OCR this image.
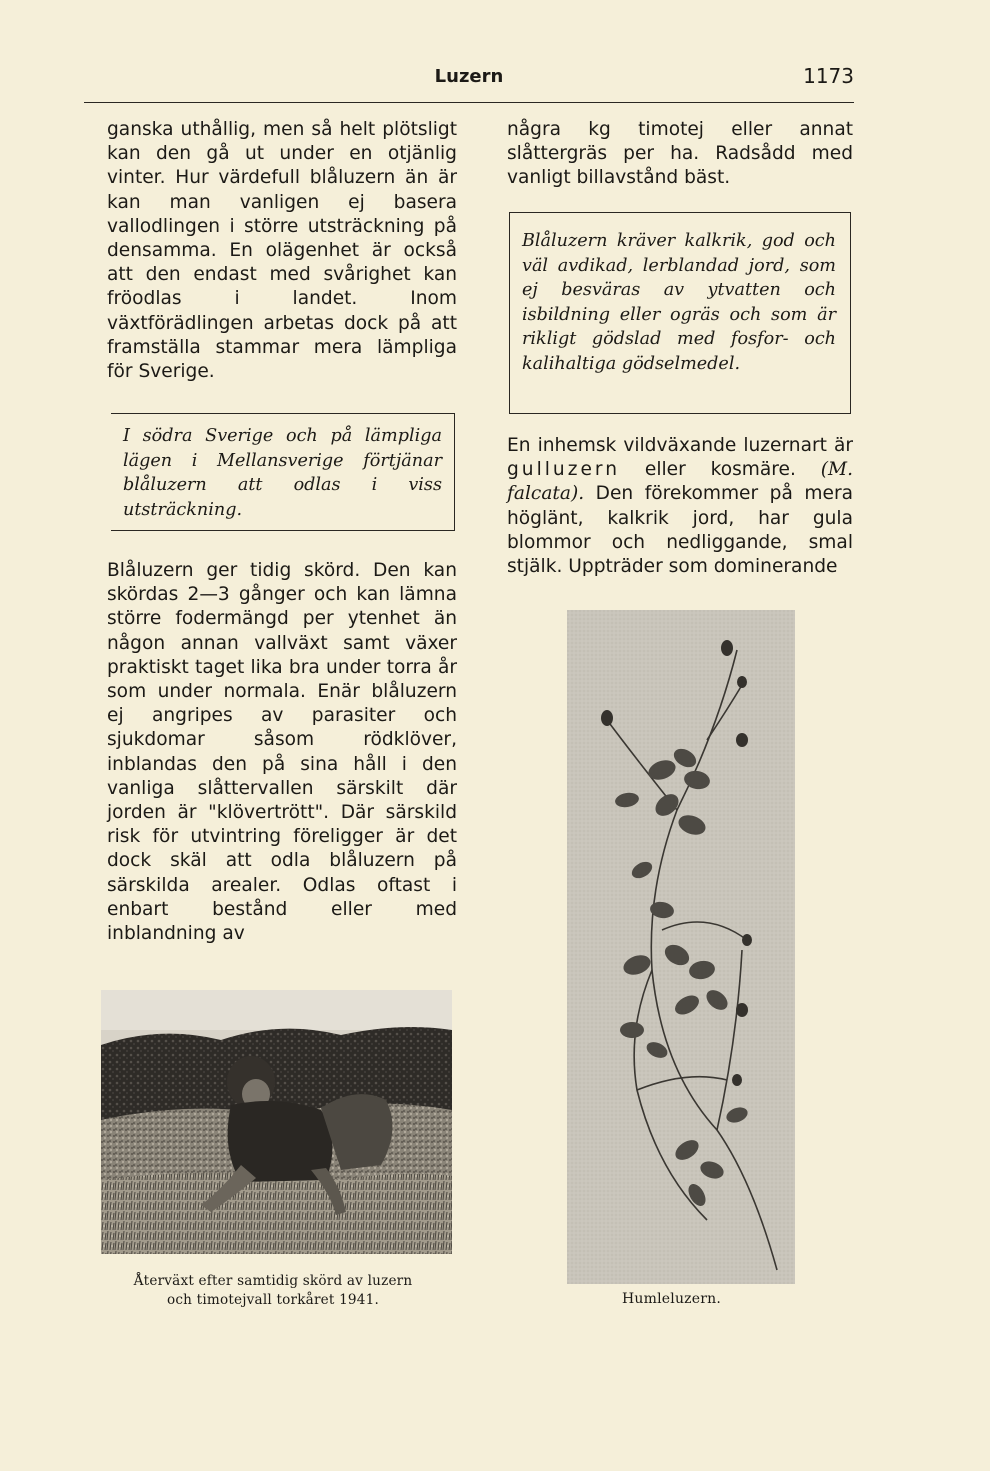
Luzern	1173

ganska uthållig, men så helt plötsligt kan den gå ut under en otjänlig vinter. Hur värdefull blåluzern än är kan man vanligen ej basera vallodlingen i större utsträckning på densamma. En olägenhet är också att den endast med svårighet kan fröodlas i landet. Inom växtförädlingen arbetas dock på att framställa stammar mera lämpliga för Sverige.

I södra Sverige och på lämpliga lägen i Mellansverige förtjänar blåluzern att odlas i viss utsträckning.

Blåluzern ger tidig skörd. Den kan skördas 2—3 gånger och kan lämna större fodermängd per ytenhet än någon annan vallväxt samt växer praktiskt taget lika bra under torra år som under normala. Enär blåluzern ej angripes av parasiter och sjukdomar såsom rödklöver, inblandas den på sina håll i den vanliga slåttervallen särskilt där jorden är "klövertrött". Där särskild risk för utvintring föreligger är det dock skäl att odla blåluzern på särskilda arealer. Odlas oftast i enbart bestånd eller med inblandning av

Återväxt efter samtidig skörd av luzern
och timotejvall torkåret 1941.

några kg timotej eller annat slåttergräs per ha. Radsådd med vanligt billavstånd bäst.

Blåluzern kräver kalkrik, god och väl avdikad, lerblandad jord, som ej besväras av ytvatten och isbildning eller ogräs och som är rikligt gödslad med fosfor- och kalihaltiga gödselmedel.

En inhemsk vildväxande luzernart är gulluzern eller kosmäre. (M. falcata). Den förekommer på mera höglänt, kalkrik jord, har gula blommor och nedliggande, smal stjälk. Uppträder som dominerande

Humleluzern.
